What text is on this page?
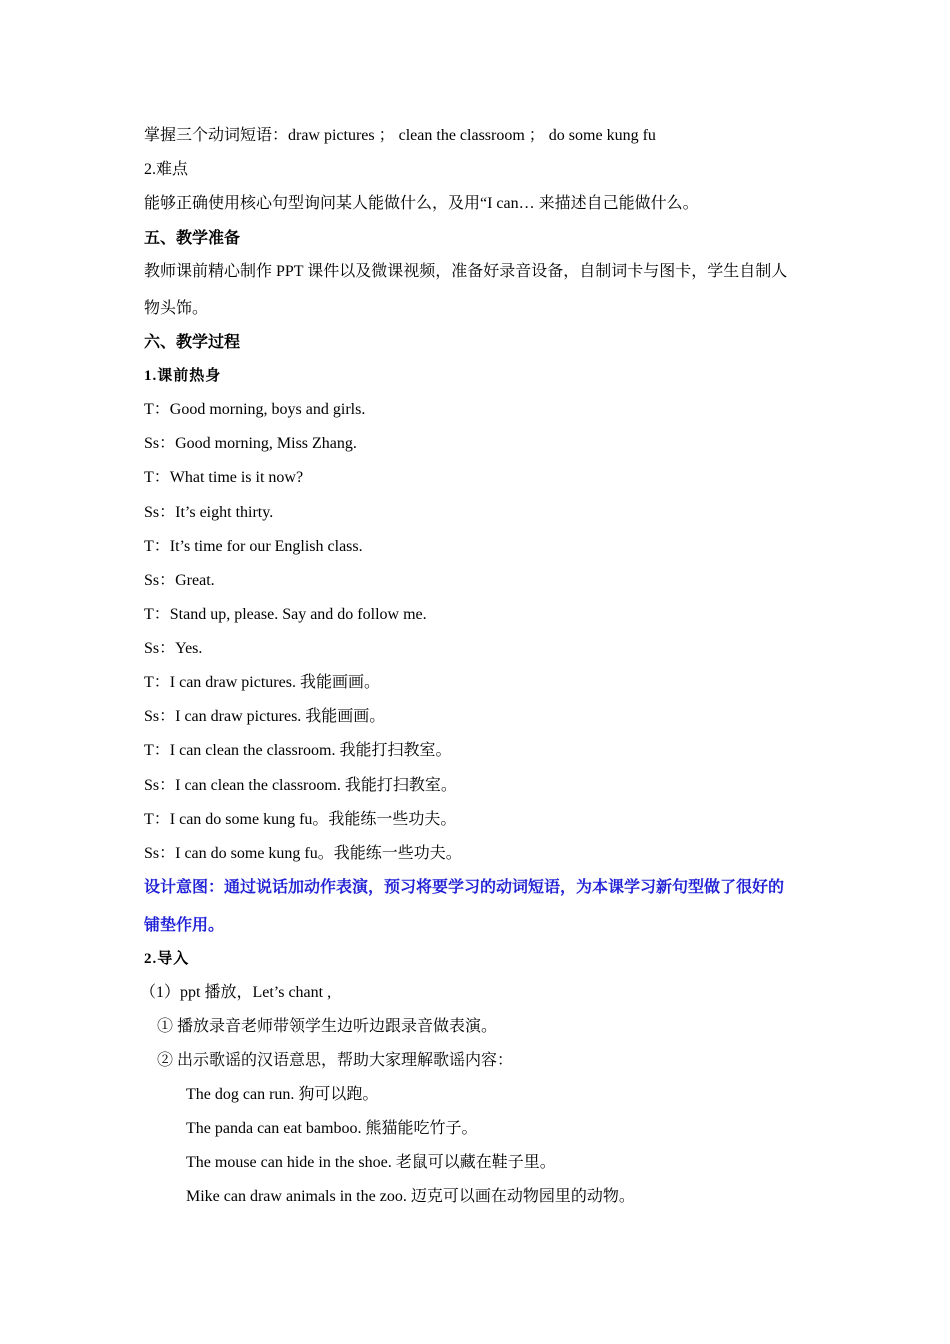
掌握三个动词短语：draw pictures ； clean the classroom ； do some kung fu
2.难点
能够正确使用核心句型询问某人能做什么，及用“I can… 来描述自己能做什么。
五、教学准备
教师课前精心制作 PPT 课件以及微课视频，准备好录音设备，自制词卡与图卡，学生自制人
物头饰。
六、教学过程
1.课前热身
T：Good morning, boys and girls.
Ss：Good morning, Miss Zhang.
T：What time is it now?
Ss：It’s eight thirty.
T：It’s time for our English class.
Ss：Great.
T：Stand up, please. Say and do follow me.
Ss：Yes.
T：I can draw pictures. 我能画画。
Ss：I can draw pictures. 我能画画。
T：I can clean the classroom. 我能打扫教室。
Ss：I can clean the classroom. 我能打扫教室。
T：I can do some kung fu。我能练一些功夫。
Ss：I can do some kung fu。我能练一些功夫。
设计意图：通过说话加动作表演，预习将要学习的动词短语，为本课学习新句型做了很好的
铺垫作用。
2.导入
（1）ppt 播放，Let’s chant ,
① 播放录音老师带领学生边听边跟录音做表演。
② 出示歌谣的汉语意思，帮助大家理解歌谣内容：
The dog can run. 狗可以跑。
The panda can eat bamboo. 熊猫能吃竹子。
The mouse can hide in the shoe. 老鼠可以藏在鞋子里。
Mike can draw animals in the zoo. 迈克可以画在动物园里的动物。
